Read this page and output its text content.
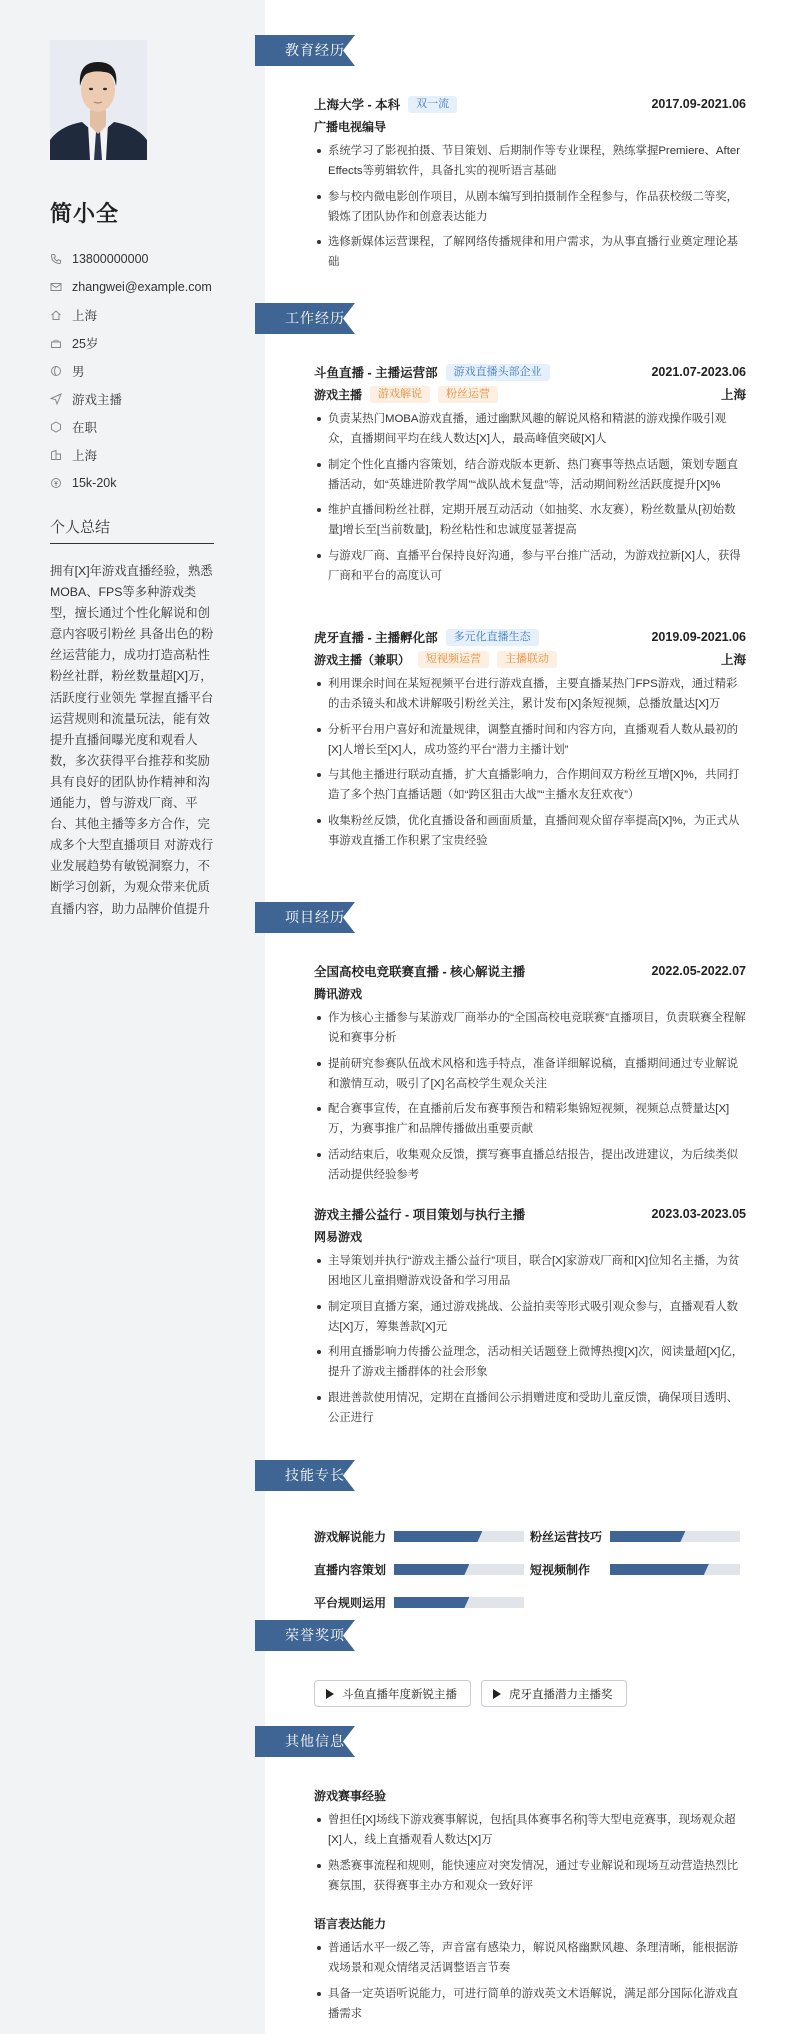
简小全
13800000000
zhangwei@example.com
上海
25岁
男
游戏主播
在职
上海
15k-20k
个人总结
拥有[X]年游戏直播经验，熟悉MOBA、FPS等多种游戏类型，擅长通过个性化解说和创意内容吸引粉丝 具备出色的粉丝运营能力，成功打造高粘性粉丝社群，粉丝数量超[X]万，活跃度行业领先 掌握直播平台运营规则和流量玩法，能有效提升直播间曝光度和观看人数，多次获得平台推荐和奖励 具有良好的团队协作精神和沟通能力，曾与游戏厂商、平台、其他主播等多方合作，完成多个大型直播项目 对游戏行业发展趋势有敏锐洞察力，不断学习创新，为观众带来优质直播内容，助力品牌价值提升
教育经历
上海大学 - 本科	双一流	2017.09-2021.06
广播电视编导
系统学习了影视拍摄、节目策划、后期制作等专业课程，熟练掌握Premiere、After Effects等剪辑软件，具备扎实的视听语言基础
参与校内微电影创作项目，从剧本编写到拍摄制作全程参与，作品获校级二等奖，锻炼了团队协作和创意表达能力
选修新媒体运营课程，了解网络传播规律和用户需求，为从事直播行业奠定理论基础
工作经历
斗鱼直播 - 主播运营部	游戏直播头部企业	2021.07-2023.06
游戏主播	游戏解说	粉丝运营	上海
负责某热门MOBA游戏直播，通过幽默风趣的解说风格和精湛的游戏操作吸引观众，直播期间平均在线人数达[X]人，最高峰值突破[X]人
制定个性化直播内容策划，结合游戏版本更新、热门赛事等热点话题，策划专题直播活动，如“英雄进阶教学周”“战队战术复盘”等，活动期间粉丝活跃度提升[X]%
维护直播间粉丝社群，定期开展互动活动（如抽奖、水友赛），粉丝数量从[初始数量]增长至[当前数量]，粉丝粘性和忠诚度显著提高
与游戏厂商、直播平台保持良好沟通，参与平台推广活动，为游戏拉新[X]人，获得厂商和平台的高度认可
虎牙直播 - 主播孵化部	多元化直播生态	2019.09-2021.06
游戏主播（兼职）	短视频运营	主播联动	上海
利用课余时间在某短视频平台进行游戏直播，主要直播某热门FPS游戏，通过精彩的击杀镜头和战术讲解吸引粉丝关注，累计发布[X]条短视频，总播放量达[X]万
分析平台用户喜好和流量规律，调整直播时间和内容方向，直播观看人数从最初的[X]人增长至[X]人，成功签约平台“潜力主播计划”
与其他主播进行联动直播，扩大直播影响力，合作期间双方粉丝互增[X]%，共同打造了多个热门直播话题（如“跨区狙击大战”“主播水友狂欢夜”）
收集粉丝反馈，优化直播设备和画面质量，直播间观众留存率提高[X]%，为正式从事游戏直播工作积累了宝贵经验
项目经历
全国高校电竞联赛直播 - 核心解说主播	2022.05-2022.07
腾讯游戏
作为核心主播参与某游戏厂商举办的“全国高校电竞联赛”直播项目，负责联赛全程解说和赛事分析
提前研究参赛队伍战术风格和选手特点，准备详细解说稿，直播期间通过专业解说和激情互动，吸引了[X]名高校学生观众关注
配合赛事宣传，在直播前后发布赛事预告和精彩集锦短视频，视频总点赞量达[X]万，为赛事推广和品牌传播做出重要贡献
活动结束后，收集观众反馈，撰写赛事直播总结报告，提出改进建议，为后续类似活动提供经验参考
游戏主播公益行 - 项目策划与执行主播	2023.03-2023.05
网易游戏
主导策划并执行“游戏主播公益行”项目，联合[X]家游戏厂商和[X]位知名主播，为贫困地区儿童捐赠游戏设备和学习用品
制定项目直播方案，通过游戏挑战、公益拍卖等形式吸引观众参与，直播观看人数达[X]万，筹集善款[X]元
利用直播影响力传播公益理念，活动相关话题登上微博热搜[X]次，阅读量超[X]亿，提升了游戏主播群体的社会形象
跟进善款使用情况，定期在直播间公示捐赠进度和受助儿童反馈，确保项目透明、公正进行
技能专长
游戏解说能力	粉丝运营技巧
直播内容策划	短视频制作
平台规则运用
荣誉奖项
斗鱼直播年度新锐主播	虎牙直播潜力主播奖
其他信息
游戏赛事经验
曾担任[X]场线下游戏赛事解说，包括[具体赛事名称]等大型电竞赛事，现场观众超[X]人，线上直播观看人数达[X]万
熟悉赛事流程和规则，能快速应对突发情况，通过专业解说和现场互动营造热烈比赛氛围，获得赛事主办方和观众一致好评
语言表达能力
普通话水平一级乙等，声音富有感染力，解说风格幽默风趣、条理清晰，能根据游戏场景和观众情绪灵活调整语言节奏
具备一定英语听说能力，可进行简单的游戏英文术语解说，满足部分国际化游戏直播需求
